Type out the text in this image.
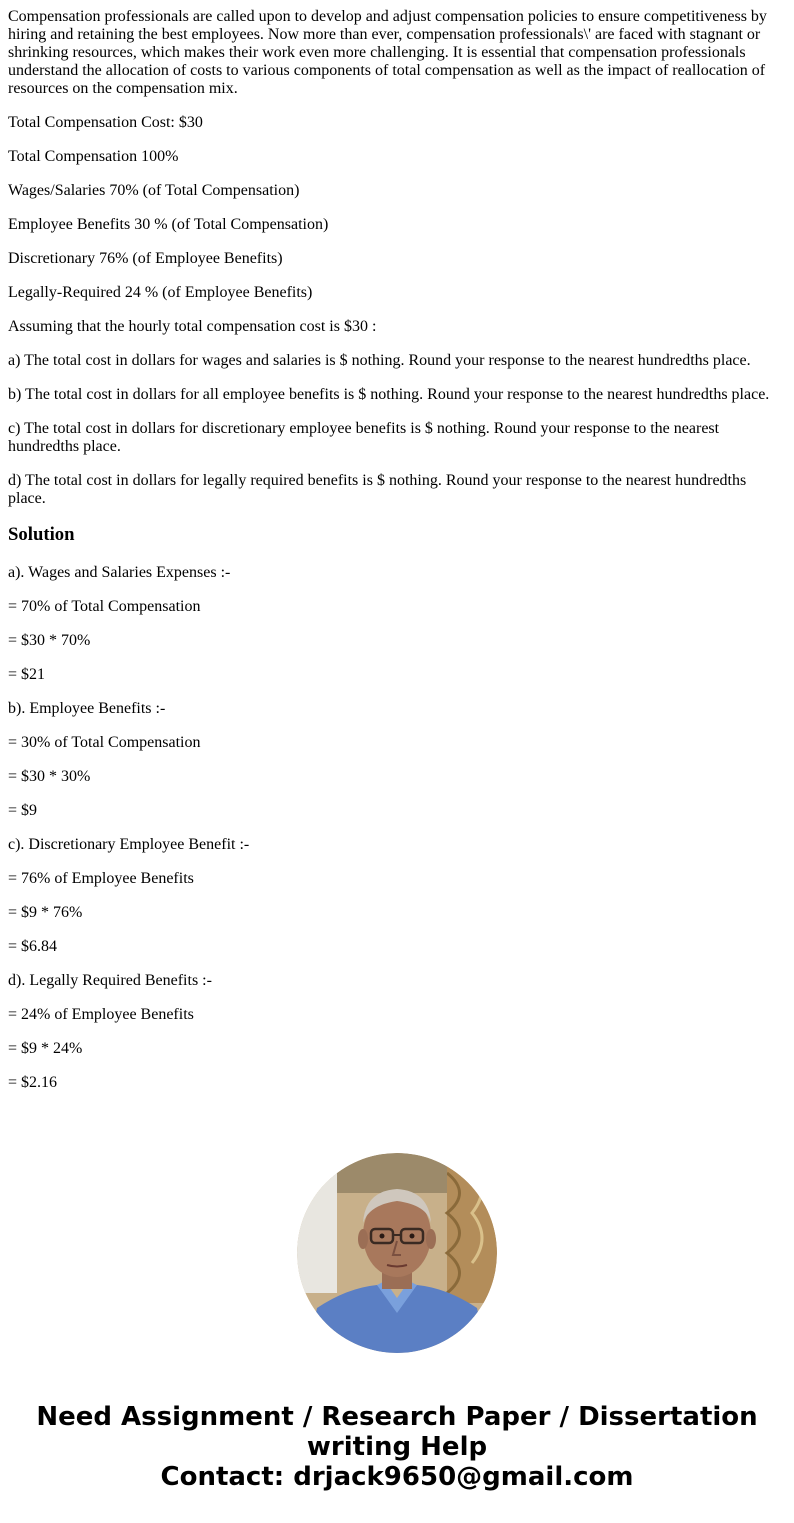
Compensation professionals are called upon to develop and adjust compensation policies to ensure competitiveness by hiring and retaining the best employees. Now more than ever, compensation professionals\' are faced with stagnant or shrinking resources, which makes their work even more challenging. It is essential that compensation professionals understand the allocation of costs to various components of total compensation as well as the impact of reallocation of resources on the compensation mix.

Total Compensation Cost: $30

Total Compensation 100%

Wages/Salaries 70% (of Total Compensation)

Employee Benefits 30 % (of Total Compensation)

Discretionary 76% (of Employee Benefits)

Legally-Required 24 % (of Employee Benefits)

Assuming that the hourly total compensation cost is $30 :

a) The total cost in dollars for wages and salaries is $ nothing. Round your response to the nearest hundredths place.

b) The total cost in dollars for all employee benefits is $ nothing. Round your response to the nearest hundredths place.

c) The total cost in dollars for discretionary employee benefits is $ nothing. Round your response to the nearest hundredths place.

d) The total cost in dollars for legally required benefits is $ nothing. Round your response to the nearest hundredths place.

Solution

a). Wages and Salaries Expenses :-

= 70% of Total Compensation

= $30 * 70%

= $21

b). Employee Benefits :-

= 30% of Total Compensation

= $30 * 30%

= $9

c). Discretionary Employee Benefit :-

= 76% of Employee Benefits

= $9 * 76%

= $6.84

d). Legally Required Benefits :-

= 24% of Employee Benefits

= $9 * 24%

= $2.16

Need Assignment / Research Paper / Dissertation
writing Help
Contact: drjack9650@gmail.com
